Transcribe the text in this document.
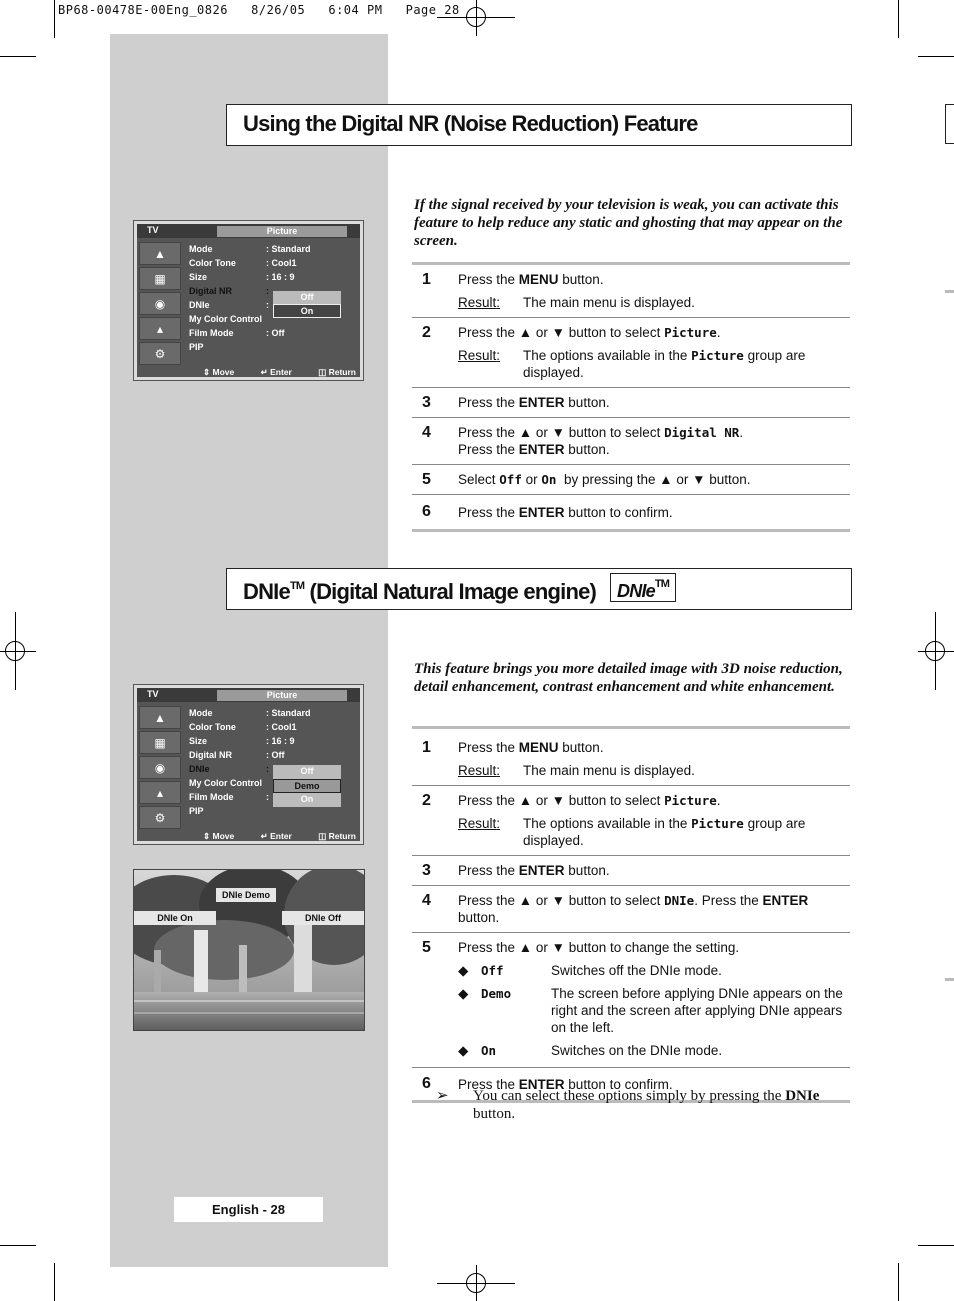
BP68-00478E-00Eng_0826   8/26/05   6:04 PM   Page 28
Using the Digital NR (Noise Reduction) Feature
If the signal received by your television is weak, you can activate this feature to help reduce any static and ghosting that may appear on the screen.
TV	Picture
▲
▦
◉
▴
⚙
Mode	: Standard
Color Tone	: Cool1
Size	: 16 : 9
Digital NR	:
DNIe	:
My Color Control
Film Mode	: Off
PIP
Off
On
⇕ Move	↵ Enter	◫ Return
1 Press the MENU button.
Result:	The main menu is displayed.
2 Press the ▲ or ▼ button to select Picture.
Result:	The options available in the Picture group are displayed.
3 Press the ENTER button.
4 Press the ▲ or ▼ button to select Digital NR.
Press the ENTER button.
5 Select Off or On  by pressing the ▲ or ▼ button.
6 Press the ENTER button to confirm.
DNIe™ (Digital Natural Image engine) DNIe™
This feature brings you more detailed image with 3D noise reduction, detail enhancement, contrast enhancement and white enhancement.
TV	Picture
▲
▦
◉
▴
⚙
Mode	: Standard
Color Tone	: Cool1
Size	: 16 : 9
Digital NR	: Off
DNIe	:
My Color Control
Film Mode	:
PIP
Off
Demo
On
⇕ Move	↵ Enter	◫ Return
DNIe Demo
DNIe On	DNIe Off
1 Press the MENU button.
Result:	The main menu is displayed.
2 Press the ▲ or ▼ button to select Picture.
Result:	The options available in the Picture group are displayed.
3 Press the ENTER button.
4 Press the ▲ or ▼ button to select DNIe. Press the ENTER button.
5 Press the ▲ or ▼ button to change the setting.
◆	Off	Switches off the DNIe mode.
◆	Demo	The screen before applying DNIe appears on the right and the screen after applying DNIe appears on the left.
◆	On	Switches on the DNIe mode.
6 Press the ENTER button to confirm.
➢	You can select these options simply by pressing the DNIe button.
English - 28
